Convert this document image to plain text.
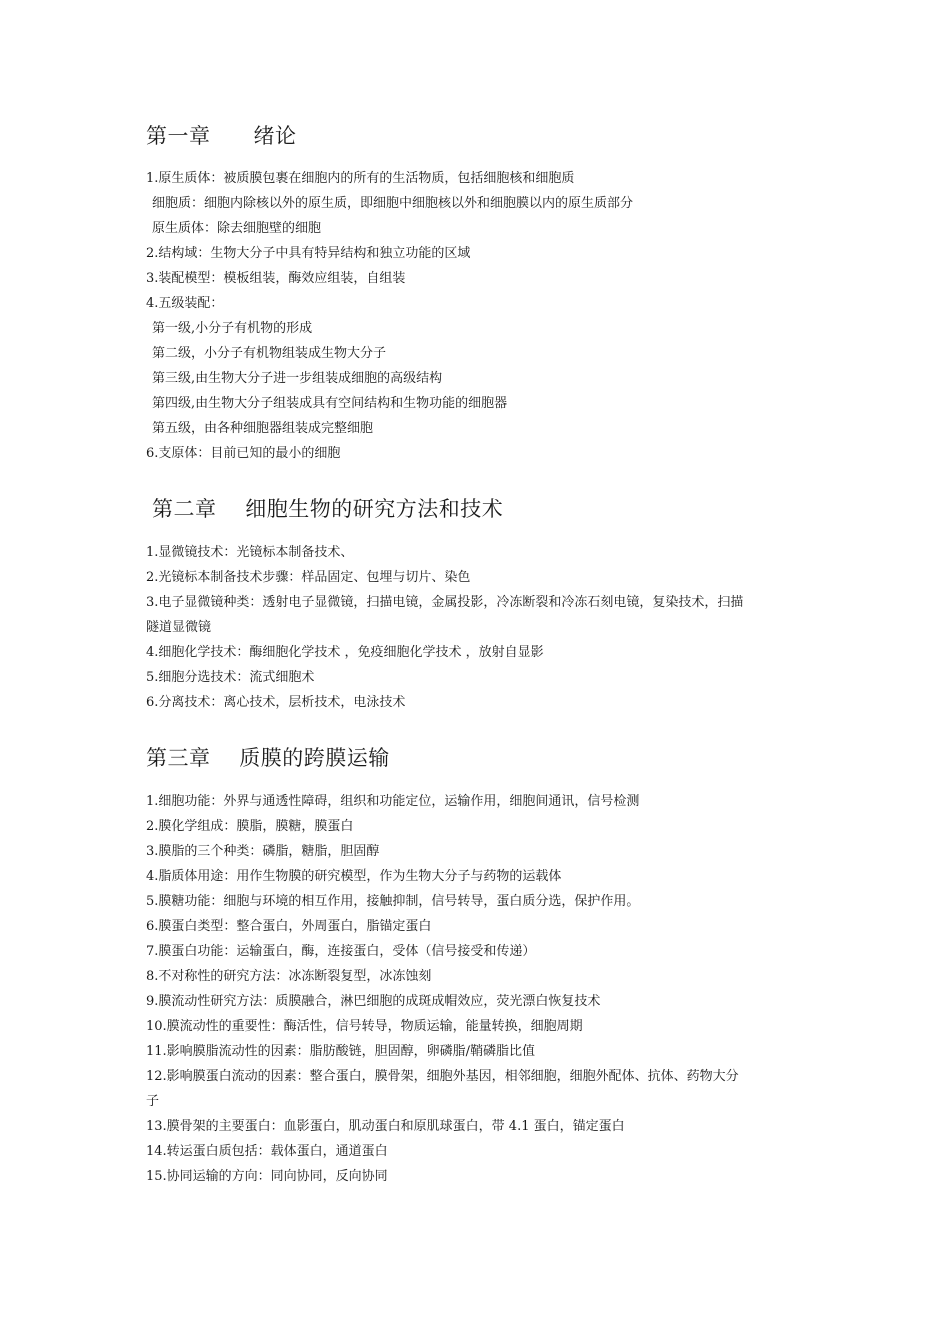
第一章      绪论
1.原生质体：被质膜包裹在细胞内的所有的生活物质，包括细胞核和细胞质
细胞质：细胞内除核以外的原生质，即细胞中细胞核以外和细胞膜以内的原生质部分
原生质体：除去细胞壁的细胞
2.结构域：生物大分子中具有特异结构和独立功能的区域
3.装配模型：模板组装，酶效应组装，自组装
4.五级装配：
第一级,小分子有机物的形成
第二级，小分子有机物组装成生物大分子
第三级,由生物大分子进一步组装成细胞的高级结构
第四级,由生物大分子组装成具有空间结构和生物功能的细胞器
第五级，由各种细胞器组装成完整细胞
6.支原体：目前已知的最小的细胞
第二章    细胞生物的研究方法和技术
1.显微镜技术：光镜标本制备技术、
2.光镜标本制备技术步骤：样品固定、包埋与切片、染色
3.电子显微镜种类：透射电子显微镜，扫描电镜，金属投影，冷冻断裂和冷冻石刻电镜，复染技术，扫描
隧道显微镜
4.细胞化学技术：酶细胞化学技术 ，免疫细胞化学技术 ，放射自显影
5.细胞分选技术：流式细胞术
6.分离技术：离心技术，层析技术，电泳技术
第三章    质膜的跨膜运输
1.细胞功能：外界与通透性障碍，组织和功能定位，运输作用，细胞间通讯，信号检测
2.膜化学组成：膜脂，膜糖，膜蛋白
3.膜脂的三个种类：磷脂，糖脂，胆固醇
4.脂质体用途：用作生物膜的研究模型，作为生物大分子与药物的运载体
5.膜糖功能：细胞与环境的相互作用，接触抑制，信号转导，蛋白质分选，保护作用。
6.膜蛋白类型：整合蛋白，外周蛋白，脂锚定蛋白
7.膜蛋白功能：运输蛋白，酶，连接蛋白，受体（信号接受和传递）
8.不对称性的研究方法：冰冻断裂复型，冰冻蚀刻
9.膜流动性研究方法：质膜融合，淋巴细胞的成斑成帽效应，荧光漂白恢复技术
10.膜流动性的重要性：酶活性，信号转导，物质运输，能量转换，细胞周期
11.影响膜脂流动性的因素：脂肪酸链，胆固醇，卵磷脂/鞘磷脂比值
12.影响膜蛋白流动的因素：整合蛋白，膜骨架，细胞外基因，相邻细胞，细胞外配体、抗体、药物大分
子
13.膜骨架的主要蛋白：血影蛋白，肌动蛋白和原肌球蛋白，带 4.1 蛋白，锚定蛋白
14.转运蛋白质包括：载体蛋白，通道蛋白
15.协同运输的方向：同向协同，反向协同
